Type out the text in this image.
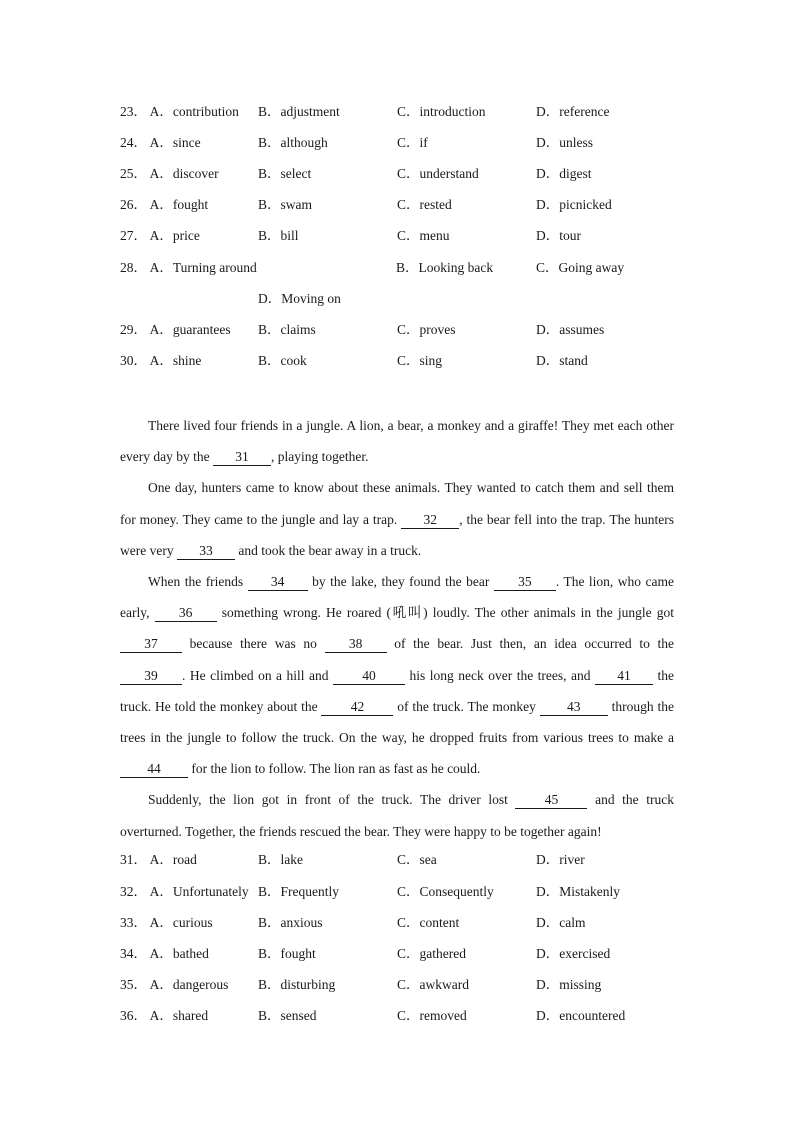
23． A．contribution B．adjustment	C．introduction	D．reference
24． A．since	B．although	C．if	D．unless
25． A．discover	B．select	C．understand	D．digest
26． A．fought	B．swam	C．rested	D．picnicked
27． A．price	B．bill	C．menu	D．tour
28． A．Turning around	B．Looking back	C．Going away
D．Moving on
29． A．guarantees B．claims	C．proves	D．assumes
30． A．shine	B．cook	C．sing	D．stand

There lived four friends in a jungle. A lion, a bear, a monkey and a giraffe! They met each other every day by the 31 , playing together.

One day, hunters came to know about these animals. They wanted to catch them and sell them for money. They came to the jungle and lay a trap. 32 , the bear fell into the trap. The hunters were very 33 and took the bear away in a truck.

When the friends 34 by the lake, they found the bear 35 . The lion, who came early, 36 something wrong. He roared (吼叫) loudly. The other animals in the jungle got 37 because there was no 38 of the bear. Just then, an idea occurred to the 39 . He climbed on a hill and 40 his long neck over the trees, and 41 the truck. He told the monkey about the 42 of the truck. The monkey 43 through the trees in the jungle to follow the truck. On the way, he dropped fruits from various trees to make a 44 for the lion to follow. The lion ran as fast as he could.

Suddenly, the lion got in front of the truck. The driver lost 45 and the truck overturned. Together, the friends rescued the bear. They were happy to be together again!

31． A．road	B．lake	C．sea	D．river
32． A．Unfortunately B．Frequently	C．Consequently	D．Mistakenly
33． A．curious	B．anxious	C．content	D．calm
34． A．bathed	B．fought	C．gathered	D．exercised
35． A．dangerous B．disturbing	C．awkward	D．missing
36． A．shared	B．sensed	C．removed	D．encountered
